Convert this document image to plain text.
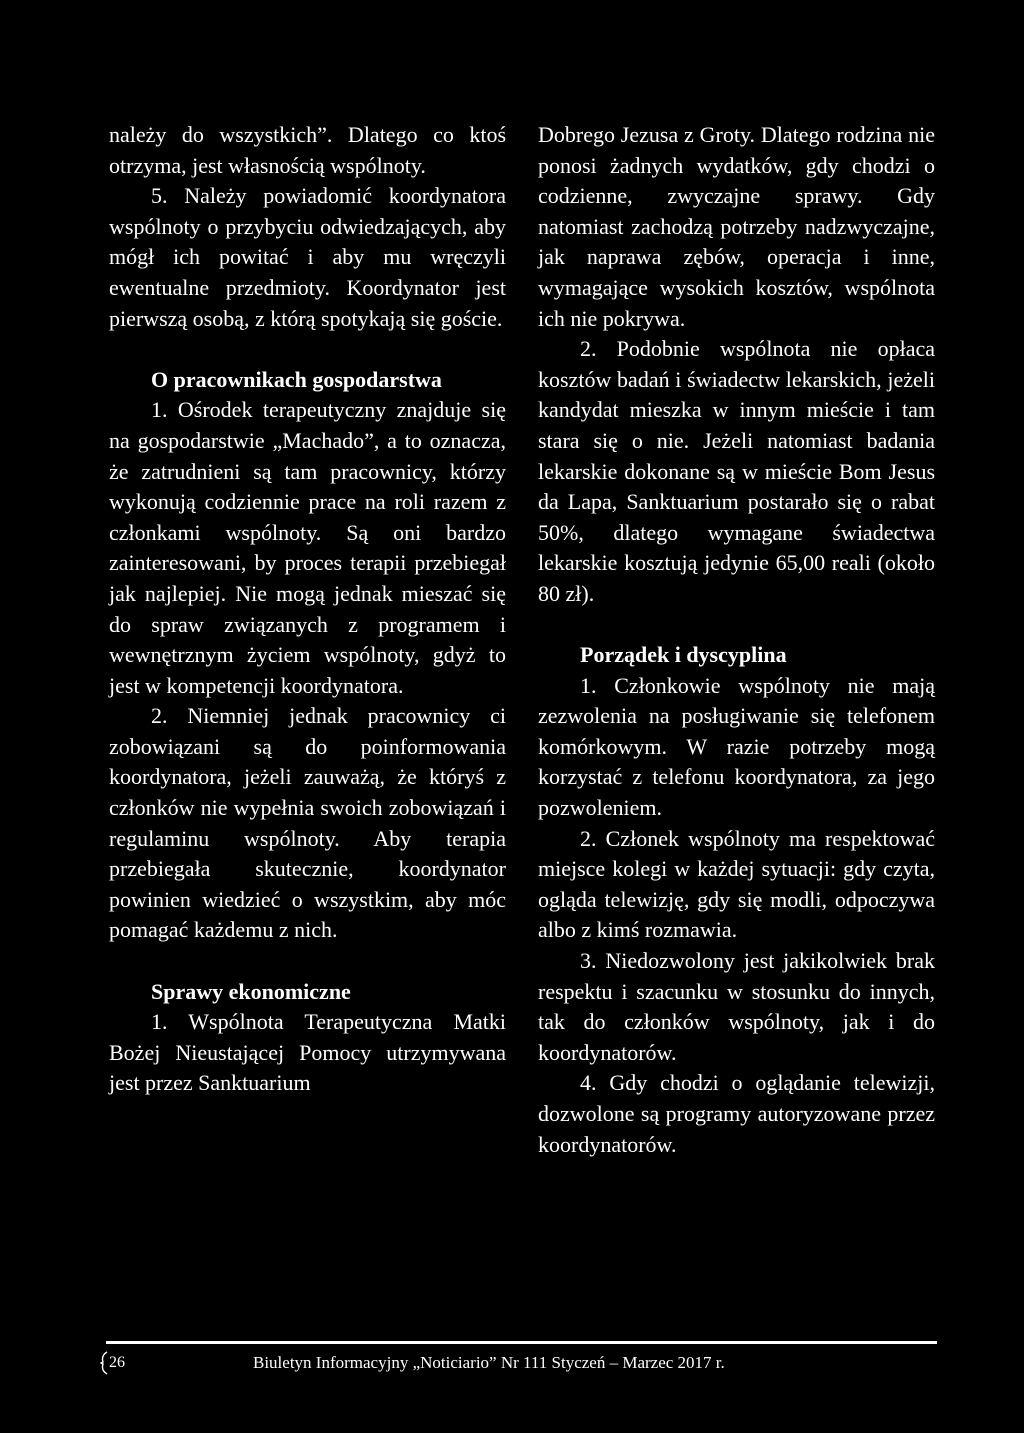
należy do wszystkich”. Dlatego co ktoś otrzyma, jest własnością wspólnoty.

5. Należy powiadomić koordynatora wspólnoty o przybyciu odwiedzających, aby mógł ich powitać i aby mu wręczyli ewentualne przedmioty. Koordynator jest pierwszą osobą, z którą spotykają się goście.

O pracownikach gospodarstwa

1. Ośrodek terapeutyczny znajduje się na gospodarstwie „Machado”, a to oznacza, że zatrudnieni są tam pracownicy, którzy wykonują codziennie prace na roli razem z członkami wspólnoty. Są oni bardzo zainteresowani, by proces terapii przebiegał jak najlepiej. Nie mogą jednak mieszać się do spraw związanych z programem i wewnętrznym życiem wspólnoty, gdyż to jest w kompetencji koordynatora.

2. Niemniej jednak pracownicy ci zobowiązani są do poinformowania koordynatora, jeżeli zauważą, że któryś z członków nie wypełnia swoich zobowiązań i regulaminu wspólnoty. Aby terapia przebiegała skutecznie, koordynator powinien wiedzieć o wszystkim, aby móc pomagać każdemu z nich.

Sprawy ekonomiczne

1. Wspólnota Terapeutyczna Matki Bożej Nieustającej Pomocy utrzymywana jest przez Sanktuarium

Dobrego Jezusa z Groty. Dlatego rodzina nie ponosi żadnych wydatków, gdy chodzi o codzienne, zwyczajne sprawy. Gdy natomiast zachodzą potrzeby nadzwyczajne, jak naprawa zębów, operacja i inne, wymagające wysokich kosztów, wspólnota ich nie pokrywa.

2. Podobnie wspólnota nie opłaca kosztów badań i świadectw lekarskich, jeżeli kandydat mieszka w innym mieście i tam stara się o nie. Jeżeli natomiast badania lekarskie dokonane są w mieście Bom Jesus da Lapa, Sanktuarium postarało się o rabat 50%, dlatego wymagane świadectwa lekarskie kosztują jedynie 65,00 reali (około 80 zł).

Porządek i dyscyplina

1. Członkowie wspólnoty nie mają zezwolenia na posługiwanie się telefonem komórkowym. W razie potrzeby mogą korzystać z telefonu koordynatora, za jego pozwoleniem.

2. Członek wspólnoty ma respektować miejsce kolegi w każdej sytuacji: gdy czyta, ogląda telewizję, gdy się modli, odpoczywa albo z kimś rozmawia.

3. Niedozwolony jest jakikolwiek brak respektu i szacunku w stosunku do innych, tak do członków wspólnoty, jak i do koordynatorów.

4. Gdy chodzi o oglądanie telewizji, dozwolone są programy autoryzowane przez koordynatorów.

26	Biuletyn Informacyjny „Noticiario” Nr 111 Styczeń – Marzec 2017 r.
